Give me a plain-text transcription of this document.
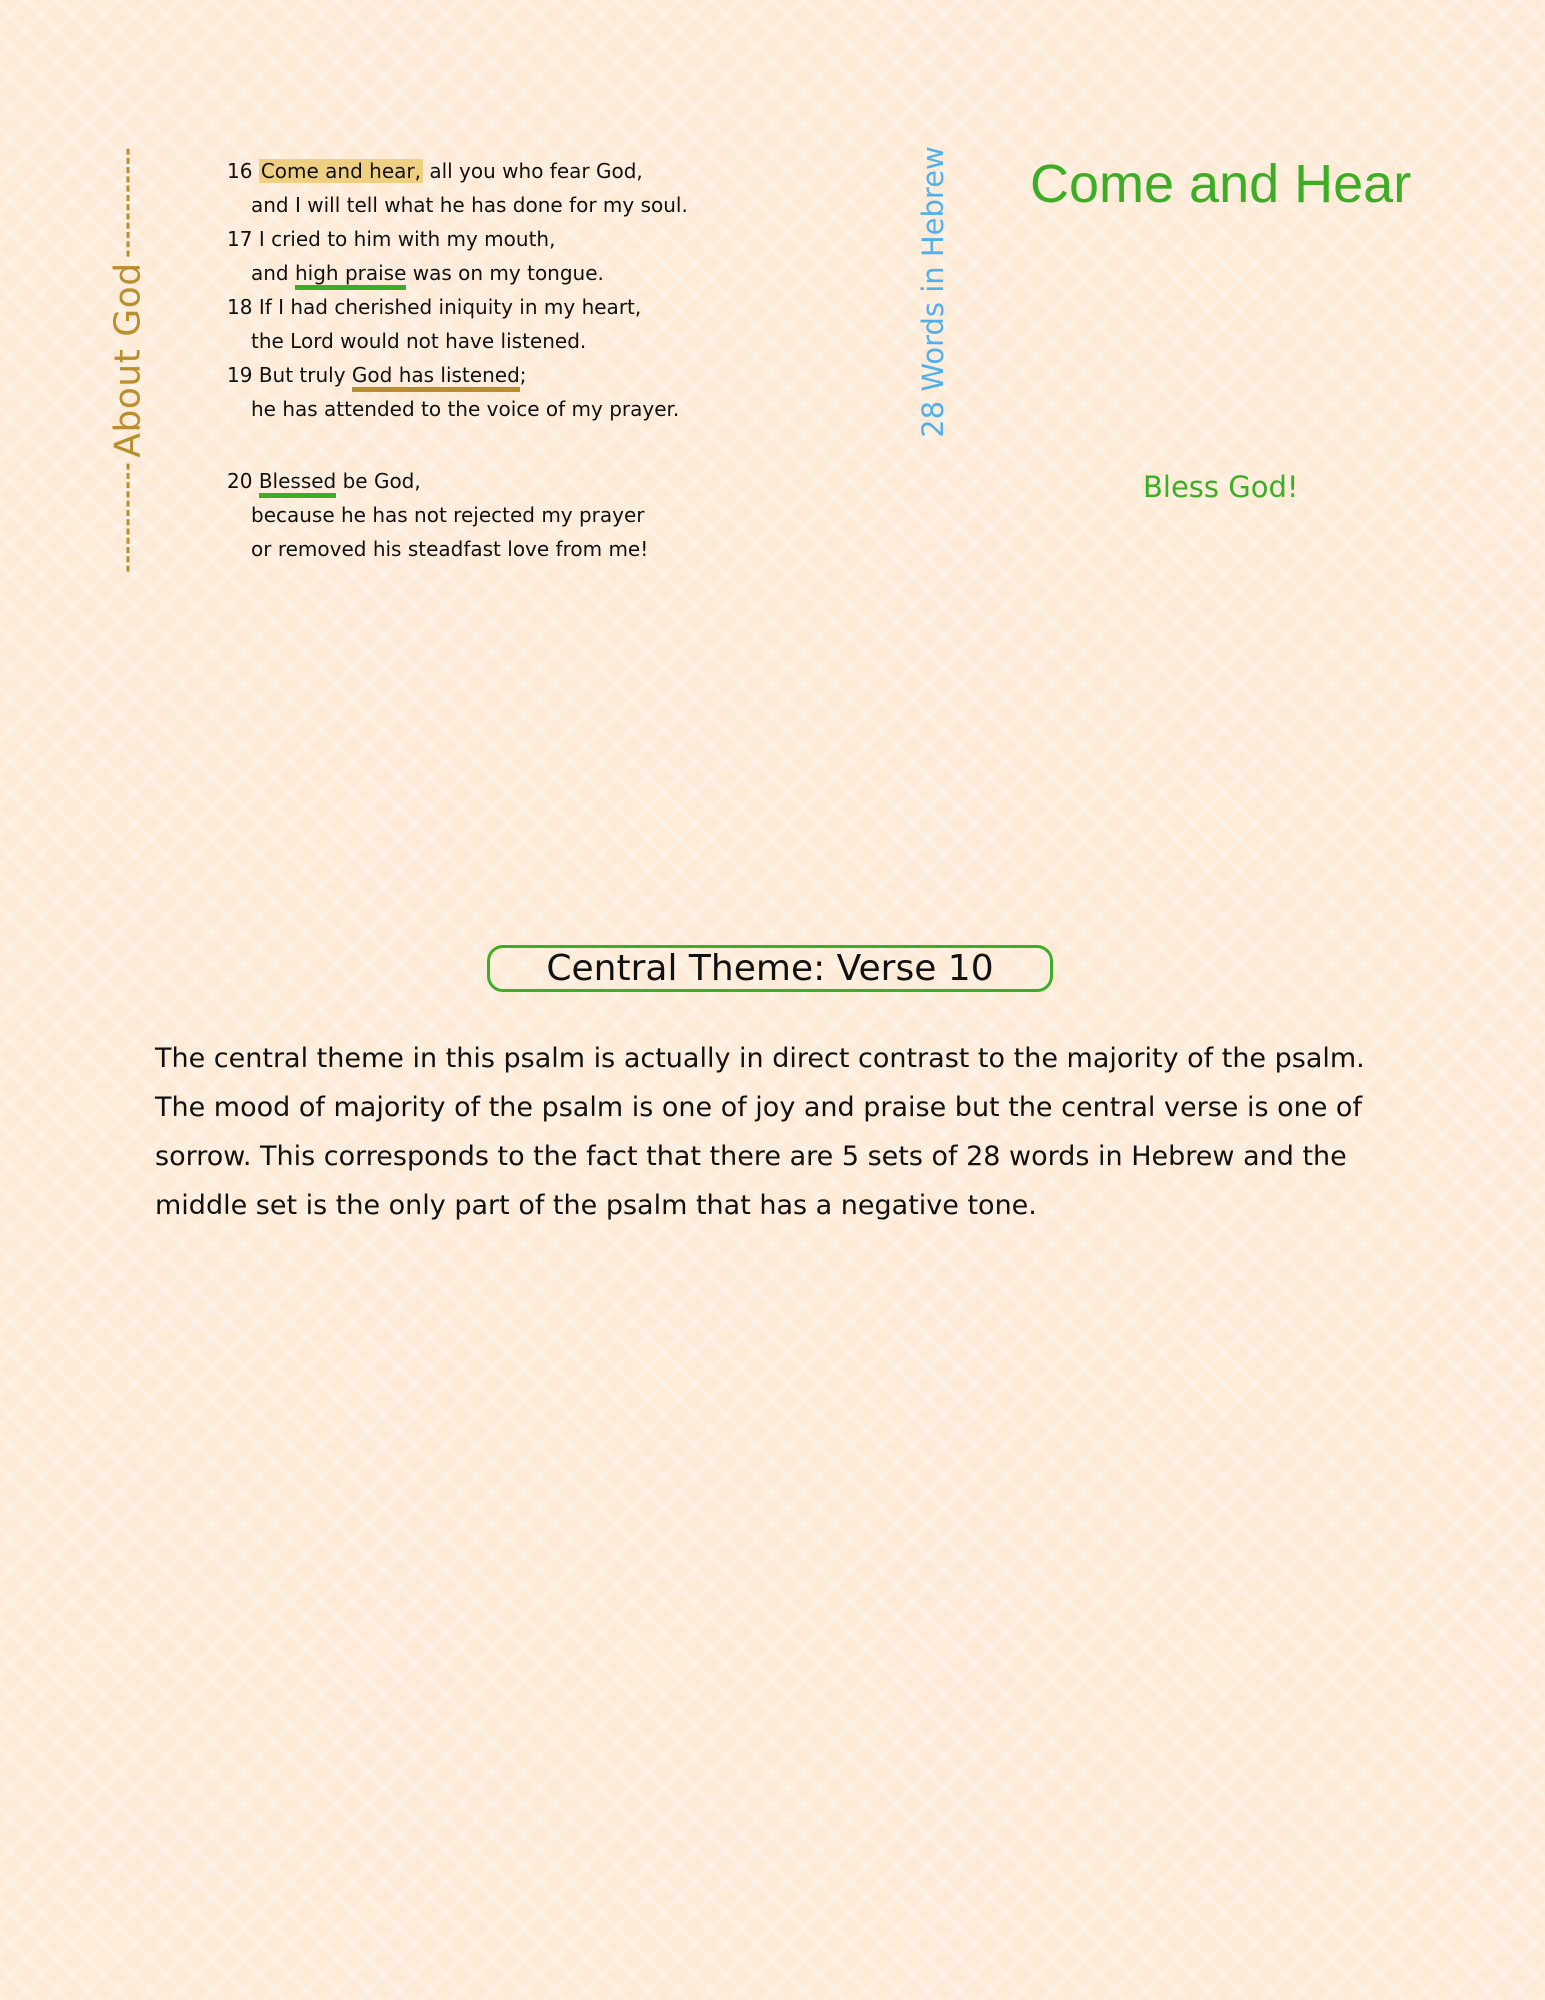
About God
16 Come and hear, all you who fear God,
and I will tell what he has done for my soul.
17 I cried to him with my mouth,
and high praise was on my tongue.
18 If I had cherished iniquity in my heart,
the Lord would not have listened.
19 But truly God has listened;
he has attended to the voice of my prayer.
20 Blessed be God,
because he has not rejected my prayer
or removed his steadfast love from me!
28 Words in Hebrew Come and Hear
Bless God!
Central Theme: Verse 10
The central theme in this psalm is actually in direct contrast to the majority of the psalm. The mood of majority of the psalm is one of joy and praise but the central verse is one of sorrow. This corresponds to the fact that there are 5 sets of 28 words in Hebrew and the middle set is the only part of the psalm that has a negative tone.
